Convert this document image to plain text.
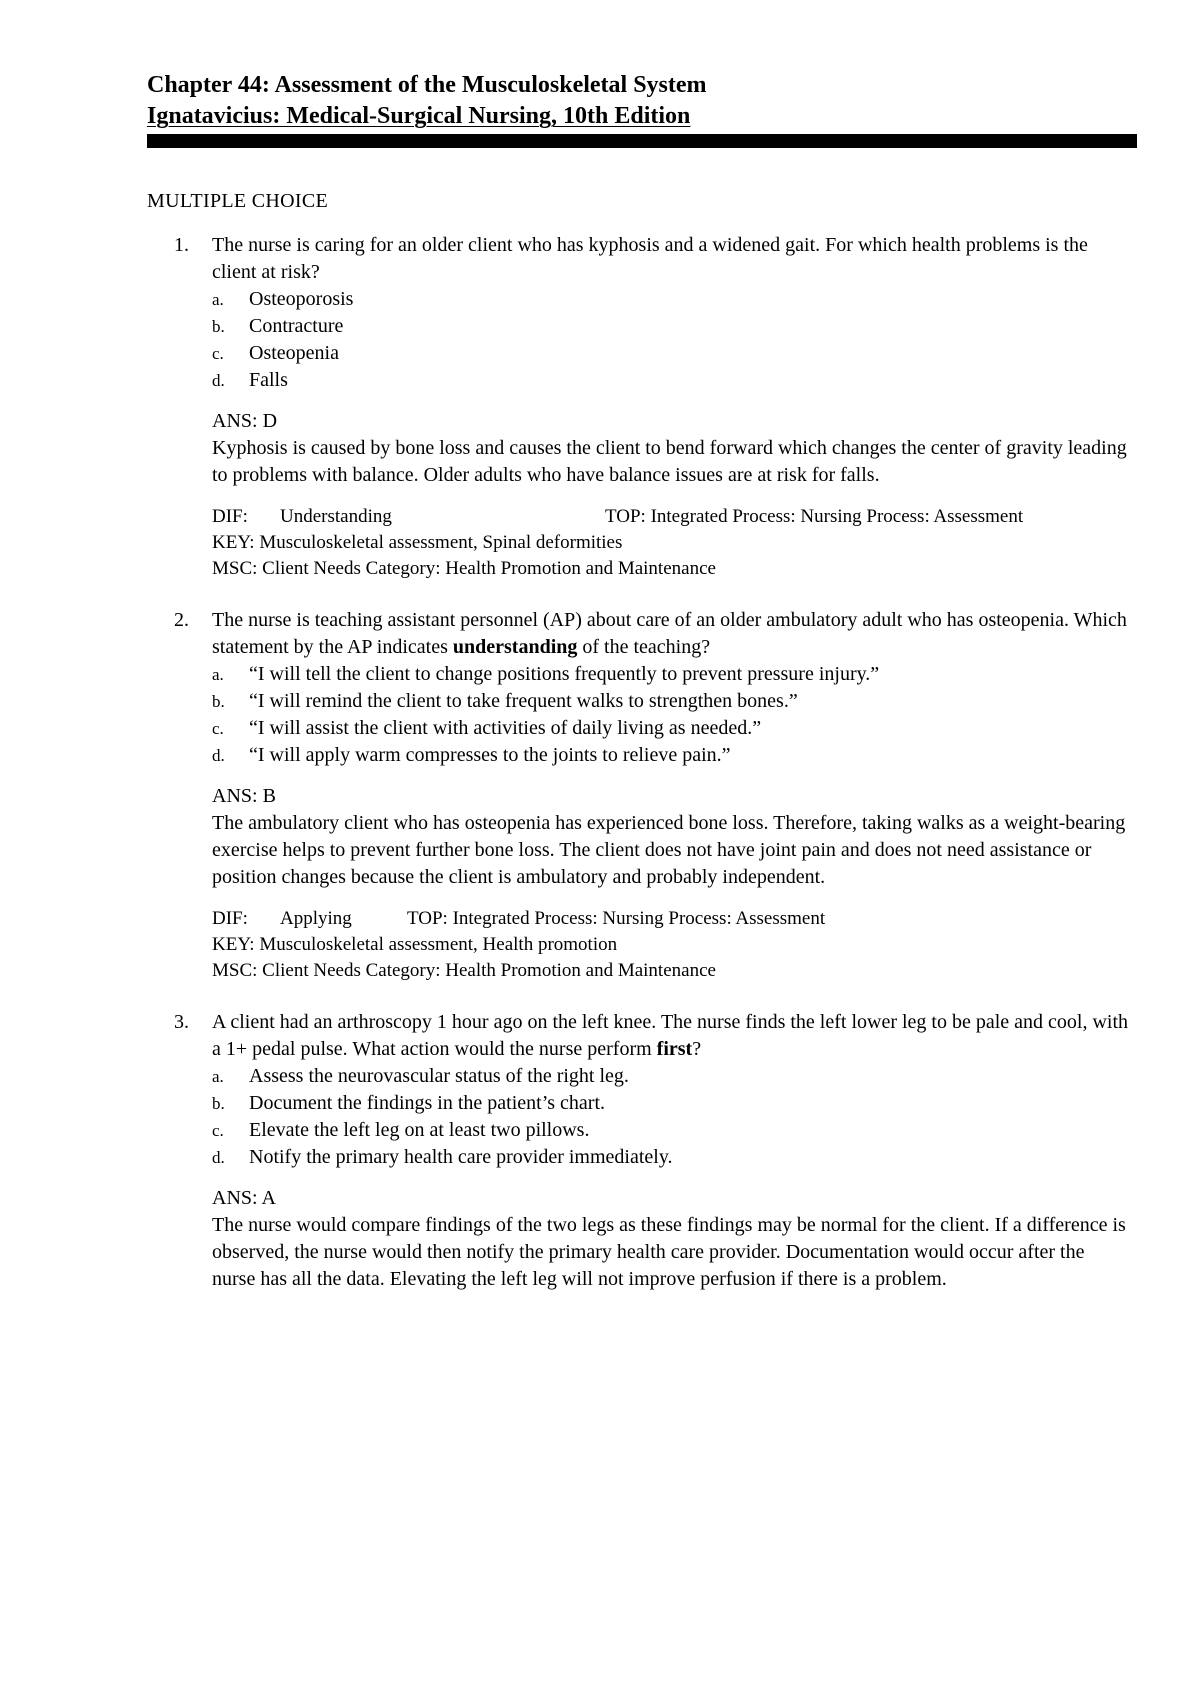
Chapter 44: Assessment of the Musculoskeletal System
Ignatavicius: Medical-Surgical Nursing, 10th Edition
MULTIPLE CHOICE
1. The nurse is caring for an older client who has kyphosis and a widened gait. For which health problems is the client at risk?
a. Osteoporosis
b. Contracture
c. Osteopenia
d. Falls
ANS: D
Kyphosis is caused by bone loss and causes the client to bend forward which changes the center of gravity leading to problems with balance. Older adults who have balance issues are at risk for falls.
DIF: Understanding	TOP: Integrated Process: Nursing Process: Assessment
KEY: Musculoskeletal assessment, Spinal deformities
MSC: Client Needs Category: Health Promotion and Maintenance
2. The nurse is teaching assistant personnel (AP) about care of an older ambulatory adult who has osteopenia. Which statement by the AP indicates understanding of the teaching?
a. “I will tell the client to change positions frequently to prevent pressure injury.”
b. “I will remind the client to take frequent walks to strengthen bones.”
c. “I will assist the client with activities of daily living as needed.”
d. “I will apply warm compresses to the joints to relieve pain.”
ANS: B
The ambulatory client who has osteopenia has experienced bone loss. Therefore, taking walks as a weight-bearing exercise helps to prevent further bone loss. The client does not have joint pain and does not need assistance or position changes because the client is ambulatory and probably independent.
DIF: Applying	TOP: Integrated Process: Nursing Process: Assessment
KEY: Musculoskeletal assessment, Health promotion
MSC: Client Needs Category: Health Promotion and Maintenance
3. A client had an arthroscopy 1 hour ago on the left knee. The nurse finds the left lower leg to be pale and cool, with a 1+ pedal pulse. What action would the nurse perform first?
a. Assess the neurovascular status of the right leg.
b. Document the findings in the patient’s chart.
c. Elevate the left leg on at least two pillows.
d. Notify the primary health care provider immediately.
ANS: A
The nurse would compare findings of the two legs as these findings may be normal for the client. If a difference is observed, the nurse would then notify the primary health care provider. Documentation would occur after the nurse has all the data. Elevating the left leg will not improve perfusion if there is a problem.
